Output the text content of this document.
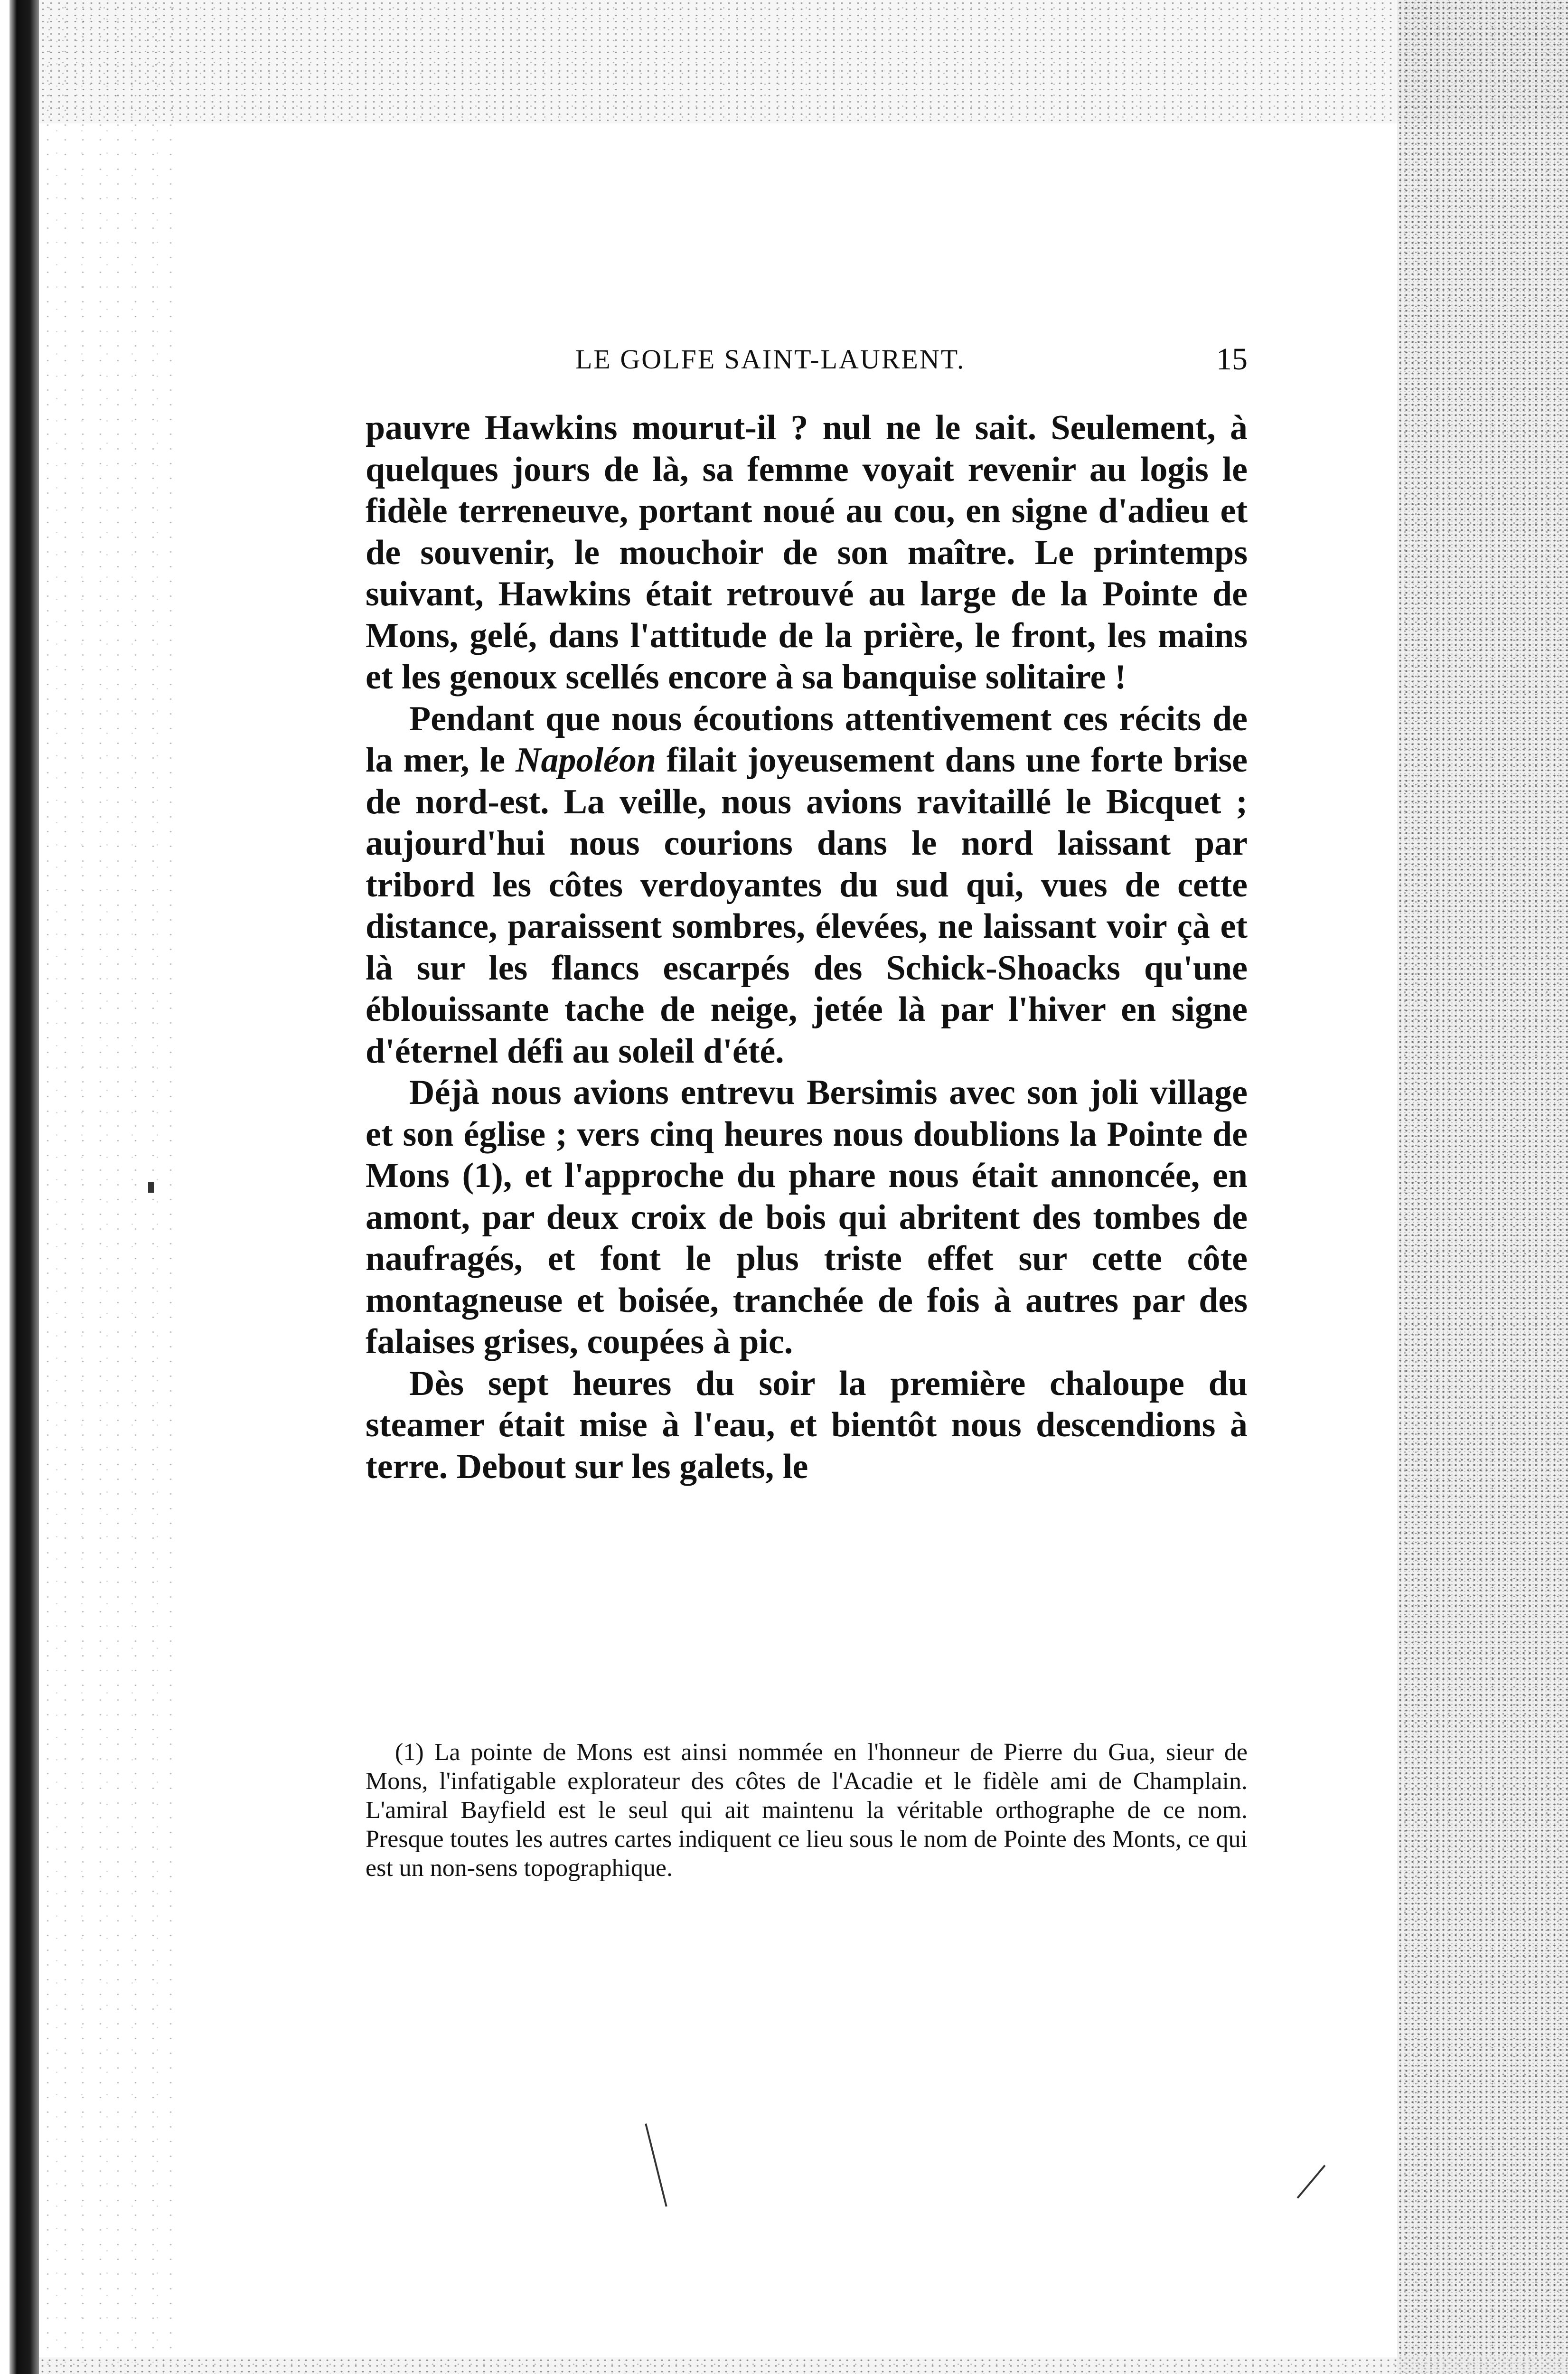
LE GOLFE SAINT-LAURENT.	15

pauvre Hawkins mourut-il ? nul ne le sait. Seulement, à quelques jours de là, sa femme voyait revenir au logis le fidèle terreneuve, portant noué au cou, en signe d'adieu et de souvenir, le mouchoir de son maître. Le printemps suivant, Hawkins était retrouvé au large de la Pointe de Mons, gelé, dans l'attitude de la prière, le front, les mains et les genoux scellés encore à sa banquise solitaire !

Pendant que nous écoutions attentivement ces récits de la mer, le Napoléon filait joyeusement dans une forte brise de nord-est. La veille, nous avions ravitaillé le Bicquet ; aujourd'hui nous courions dans le nord laissant par tribord les côtes verdoyantes du sud qui, vues de cette distance, paraissent sombres, élevées, ne laissant voir çà et là sur les flancs escarpés des Schick-Shoacks qu'une éblouissante tache de neige, jetée là par l'hiver en signe d'éternel défi au soleil d'été.

Déjà nous avions entrevu Bersimis avec son joli village et son église ; vers cinq heures nous doublions la Pointe de Mons (1), et l'approche du phare nous était annoncée, en amont, par deux croix de bois qui abritent des tombes de naufragés, et font le plus triste effet sur cette côte montagneuse et boisée, tranchée de fois à autres par des falaises grises, coupées à pic.

Dès sept heures du soir la première chaloupe du steamer était mise à l'eau, et bientôt nous descendions à terre. Debout sur les galets, le

(1) La pointe de Mons est ainsi nommée en l'honneur de Pierre du Gua, sieur de Mons, l'infatigable explorateur des côtes de l'Acadie et le fidèle ami de Champlain. L'amiral Bayfield est le seul qui ait maintenu la véritable orthographe de ce nom. Presque toutes les autres cartes indiquent ce lieu sous le nom de Pointe des Monts, ce qui est un non-sens topographique.
